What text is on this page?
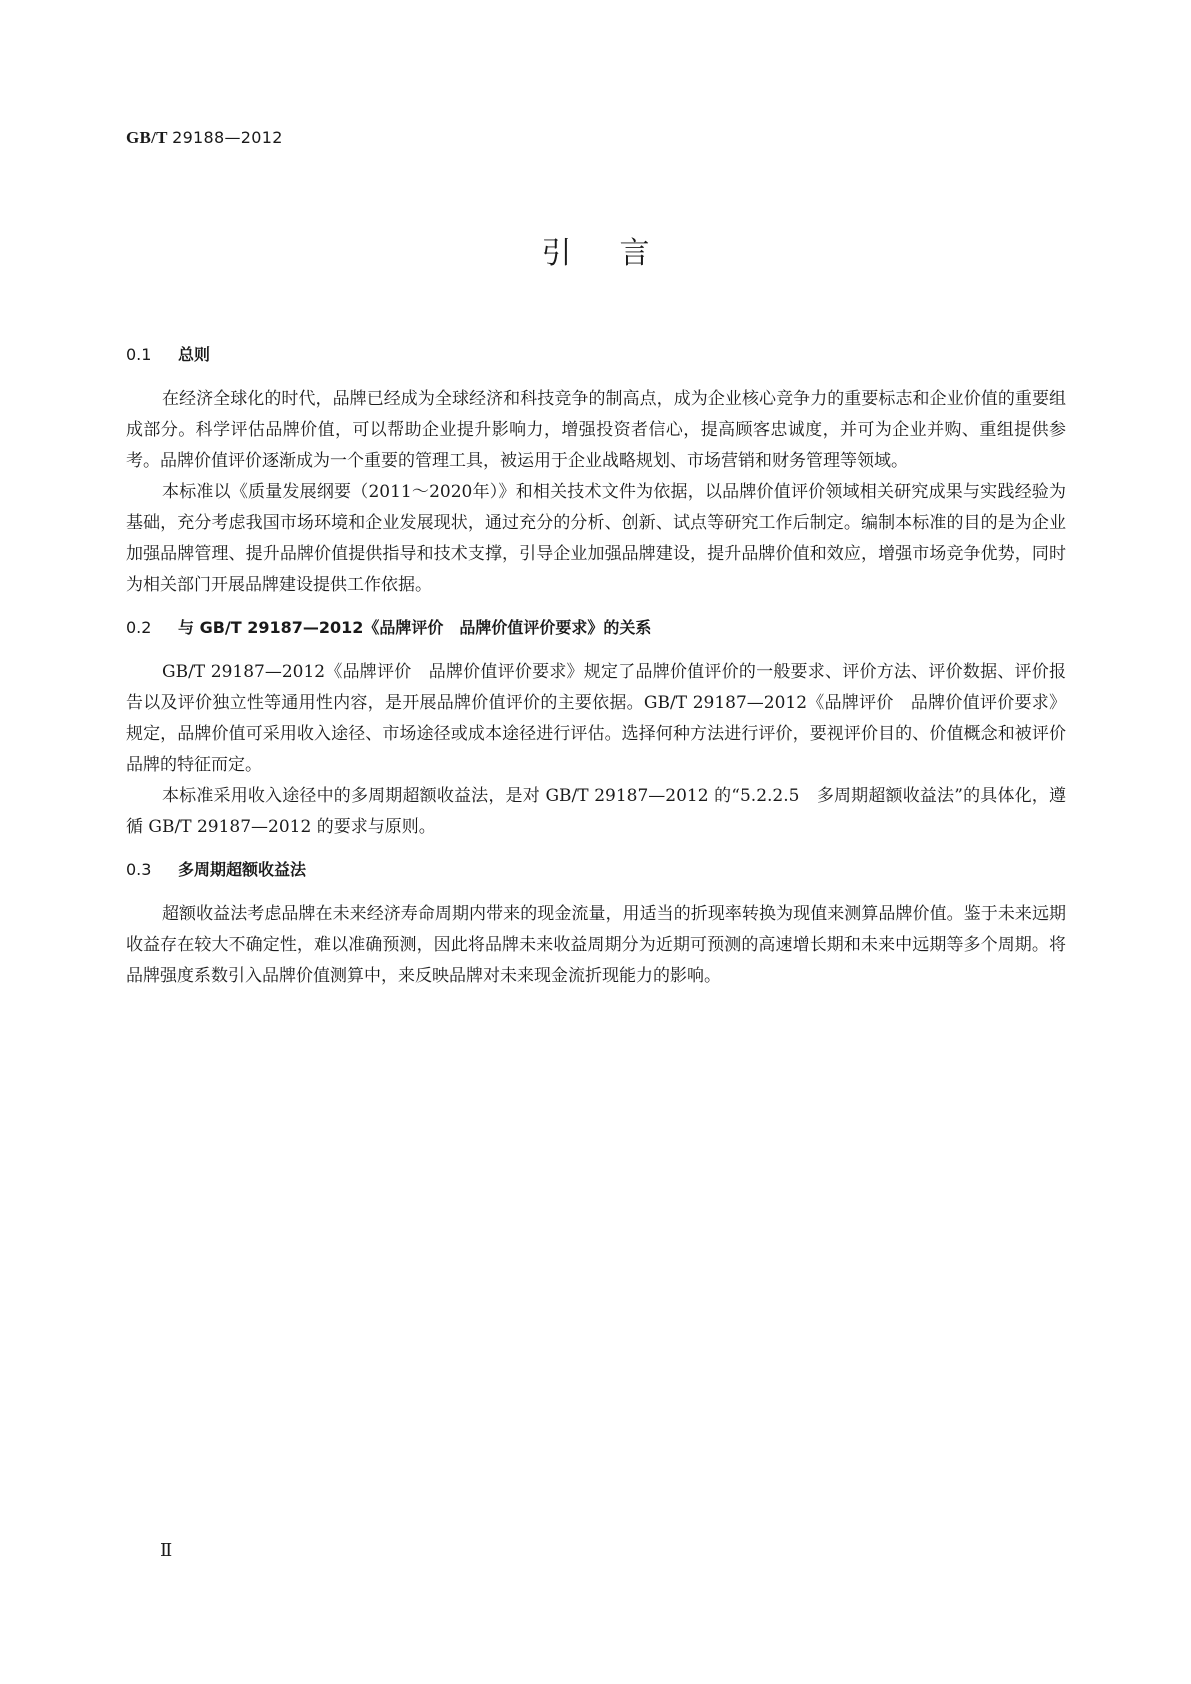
GB/T 29188—2012
引言
0.1 总则

在经济全球化的时代，品牌已经成为全球经济和科技竞争的制高点，成为企业核心竞争力的重要标志和企业价值的重要组成部分。科学评估品牌价值，可以帮助企业提升影响力，增强投资者信心，提高顾客忠诚度，并可为企业并购、重组提供参考。品牌价值评价逐渐成为一个重要的管理工具，被运用于企业战略规划、市场营销和财务管理等领域。

本标准以《质量发展纲要（2011～2020年）》和相关技术文件为依据，以品牌价值评价领域相关研究成果与实践经验为基础，充分考虑我国市场环境和企业发展现状，通过充分的分析、创新、试点等研究工作后制定。编制本标准的目的是为企业加强品牌管理、提升品牌价值提供指导和技术支撑，引导企业加强品牌建设，提升品牌价值和效应，增强市场竞争优势，同时为相关部门开展品牌建设提供工作依据。

0.2 与 GB/T 29187—2012《品牌评价　品牌价值评价要求》的关系

GB/T 29187—2012《品牌评价　品牌价值评价要求》规定了品牌价值评价的一般要求、评价方法、评价数据、评价报告以及评价独立性等通用性内容，是开展品牌价值评价的主要依据。GB/T 29187—2012《品牌评价　品牌价值评价要求》规定，品牌价值可采用收入途径、市场途径或成本途径进行评估。选择何种方法进行评价，要视评价目的、价值概念和被评价品牌的特征而定。

本标准采用收入途径中的多周期超额收益法，是对 GB/T 29187—2012 的“5.2.2.5　多周期超额收益法”的具体化，遵循 GB/T 29187—2012 的要求与原则。

0.3 多周期超额收益法

超额收益法考虑品牌在未来经济寿命周期内带来的现金流量，用适当的折现率转换为现值来测算品牌价值。鉴于未来远期收益存在较大不确定性，难以准确预测，因此将品牌未来收益周期分为近期可预测的高速增长期和未来中远期等多个周期。将品牌强度系数引入品牌价值测算中，来反映品牌对未来现金流折现能力的影响。

Ⅱ
